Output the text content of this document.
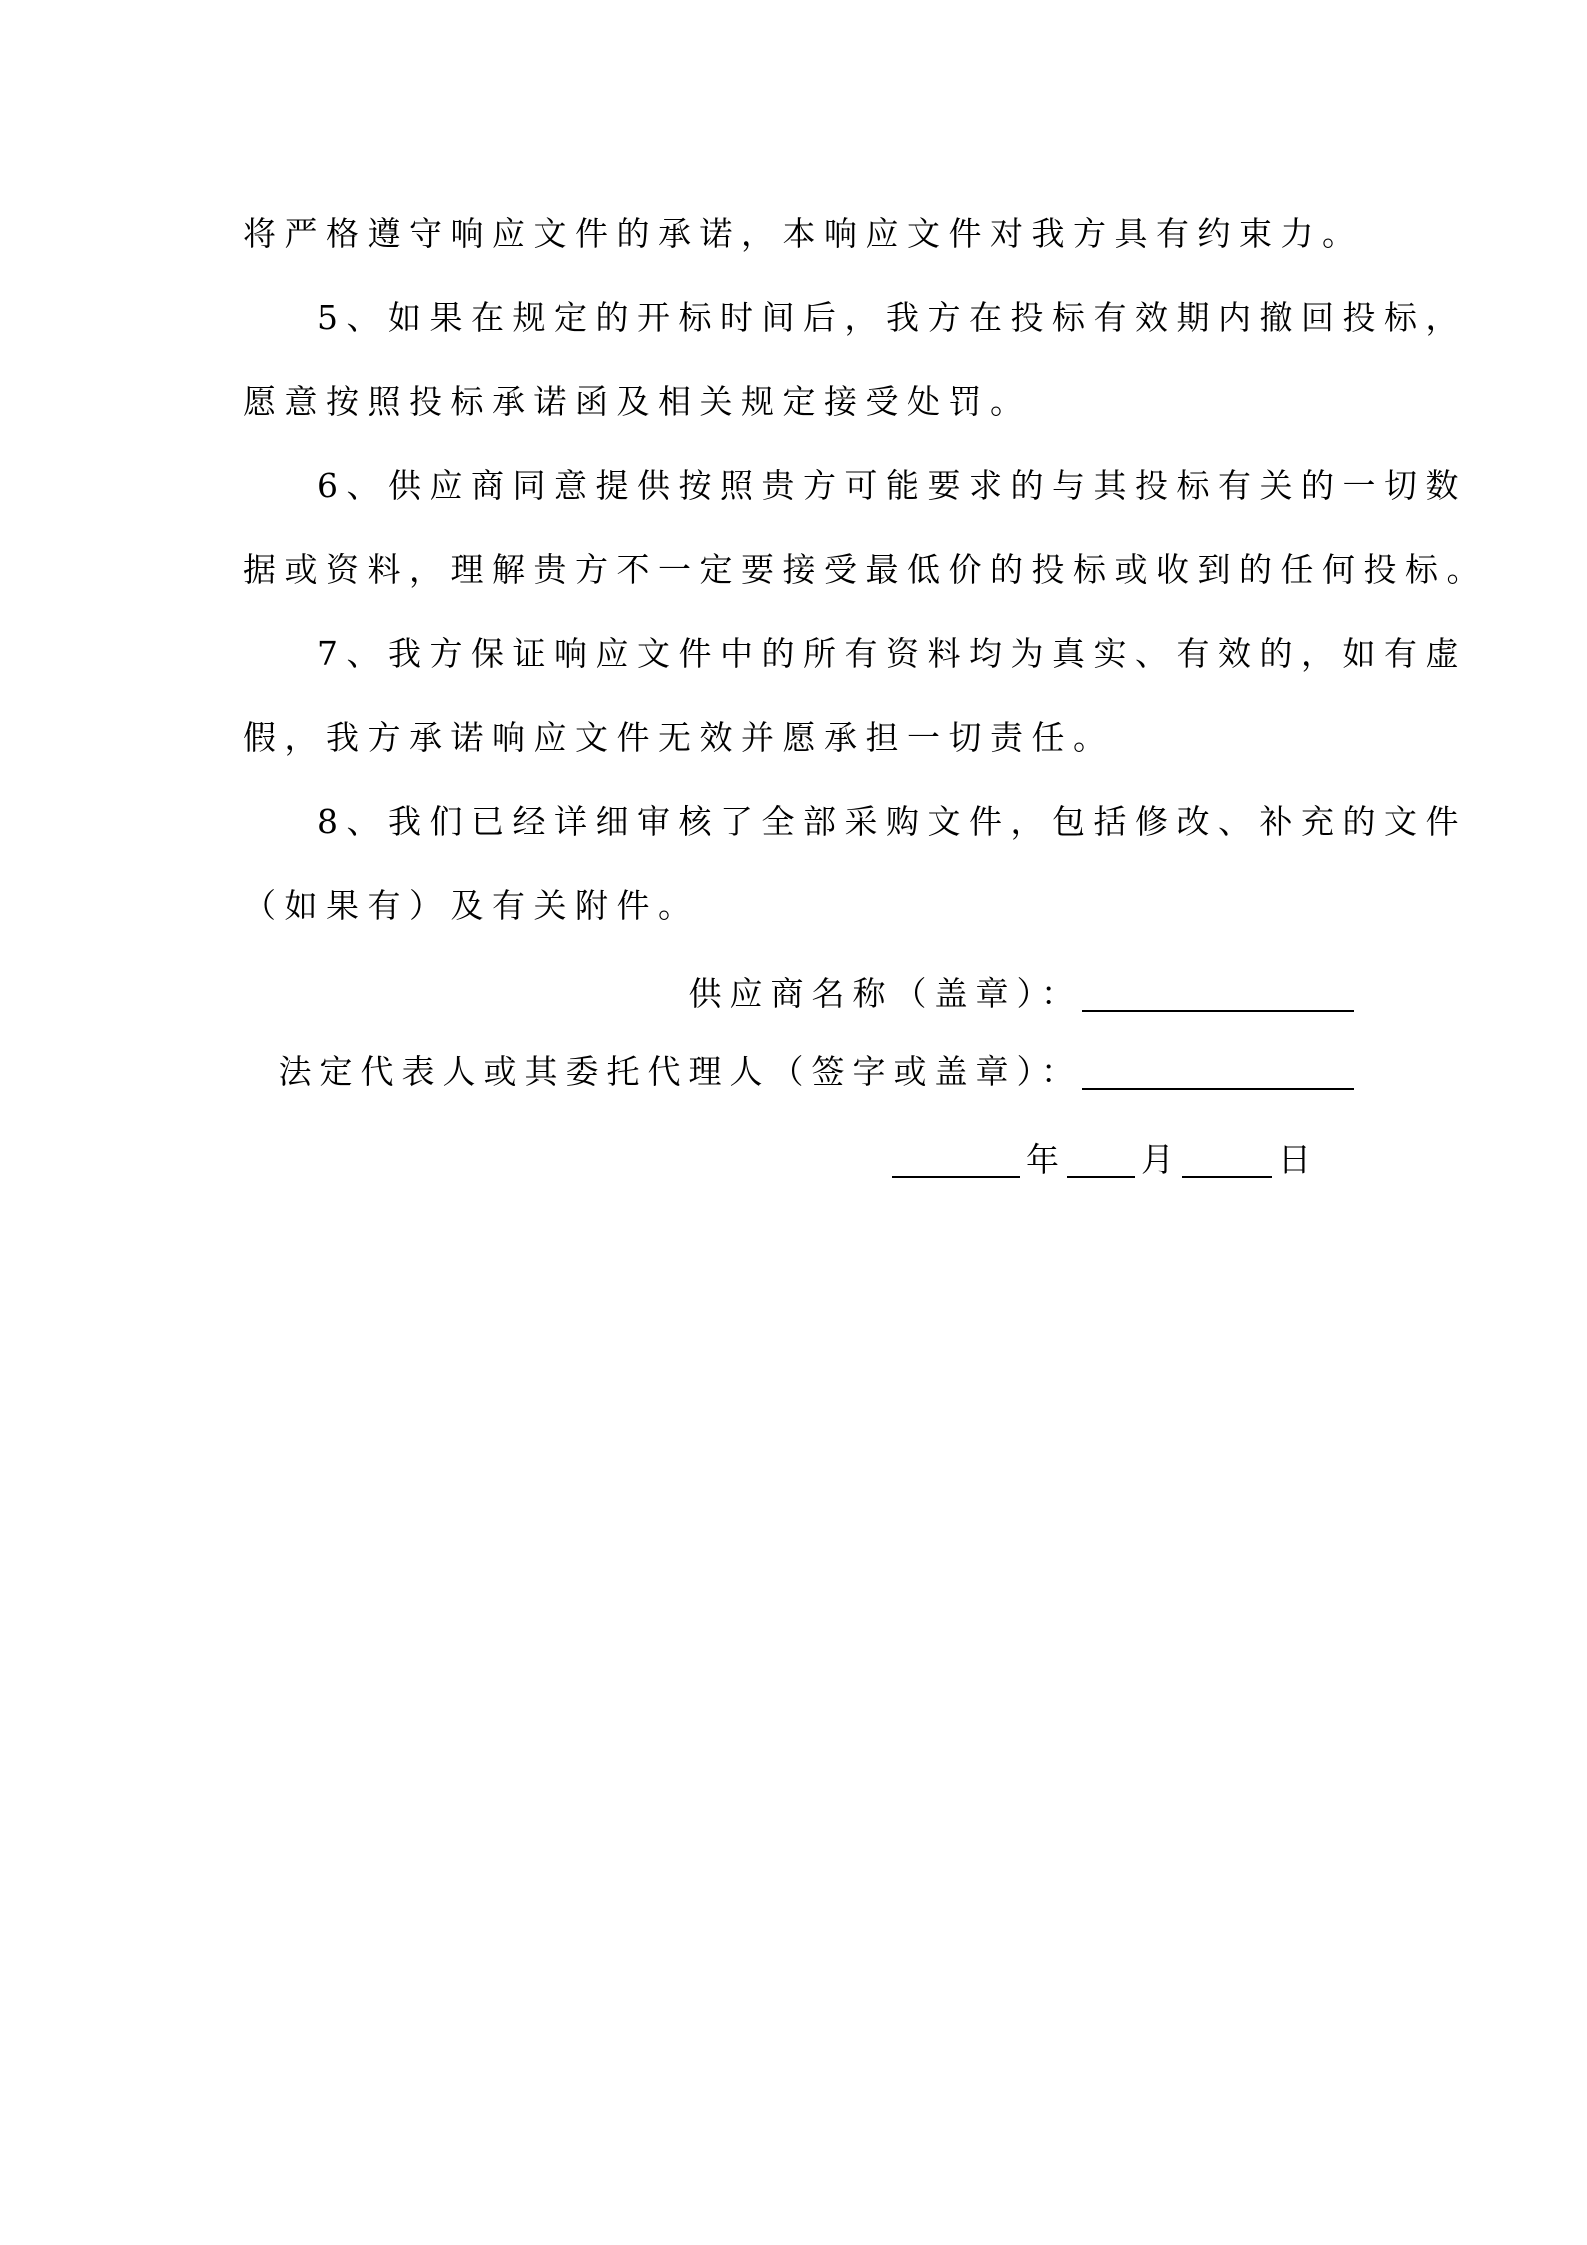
将严格遵守响应文件的承诺，本响应文件对我方具有约束力。
5、如果在规定的开标时间后，我方在投标有效期内撤回投标，
愿意按照投标承诺函及相关规定接受处罚。
6、供应商同意提供按照贵方可能要求的与其投标有关的一切数
据或资料，理解贵方不一定要接受最低价的投标或收到的任何投标。
7、我方保证响应文件中的所有资料均为真实、有效的，如有虚
假，我方承诺响应文件无效并愿承担一切责任。
8、我们已经详细审核了全部采购文件，包括修改、补充的文件
（如果有）及有关附件。
供应商名称（盖章）：
法定代表人或其委托代理人（签字或盖章）：
年 月	日
